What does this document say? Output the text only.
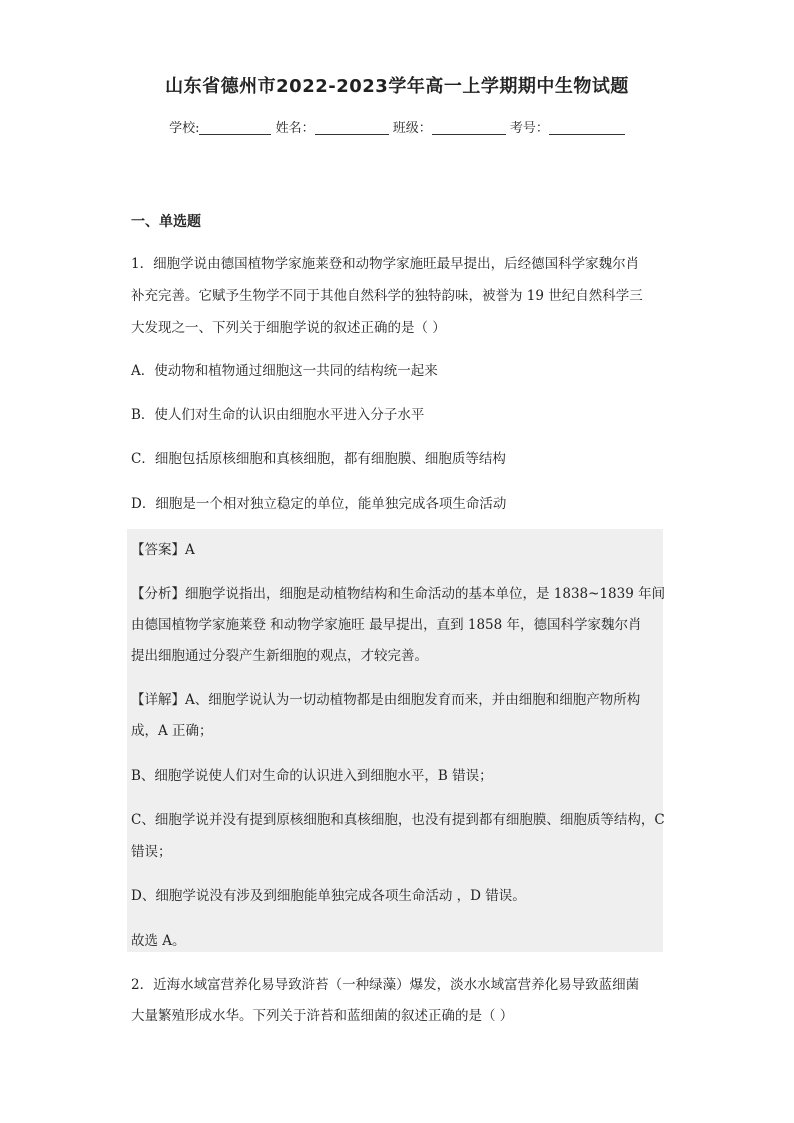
山东省德州市2022-2023学年高一上学期期中生物试题
学校:	姓名：	班级：	考号：
一、单选题
1．细胞学说由德国植物学家施莱登和动物学家施旺最早提出，后经德国科学家魏尔肖
补充完善。它赋予生物学不同于其他自然科学的独特韵味，被誉为 19 世纪自然科学三
大发现之一、下列关于细胞学说的叙述正确的是（ ）
A．使动物和植物通过细胞这一共同的结构统一起来
B．使人们对生命的认识由细胞水平进入分子水平
C．细胞包括原核细胞和真核细胞，都有细胞膜、细胞质等结构
D．细胞是一个相对独立稳定的单位，能单独完成各项生命活动
【答案】A
【分析】细胞学说指出，细胞是动植物结构和生命活动的基本单位，是 1838~1839 年间
由德国植物学家施莱登 和动物学家施旺 最早提出，直到 1858 年，德国科学家魏尔肖
提出细胞通过分裂产生新细胞的观点，才较完善。
【详解】A、细胞学说认为一切动植物都是由细胞发育而来，并由细胞和细胞产物所构
成，A 正确；
B、细胞学说使人们对生命的认识进入到细胞水平，B 错误；
C、细胞学说并没有提到原核细胞和真核细胞，也没有提到都有细胞膜、细胞质等结构，C
错误；
D、细胞学说没有涉及到细胞能单独完成各项生命活动 ，D 错误。
故选 A。
2．近海水域富营养化易导致浒苔（一种绿藻）爆发，淡水水域富营养化易导致蓝细菌
大量繁殖形成水华。下列关于浒苔和蓝细菌的叙述正确的是（ ）
